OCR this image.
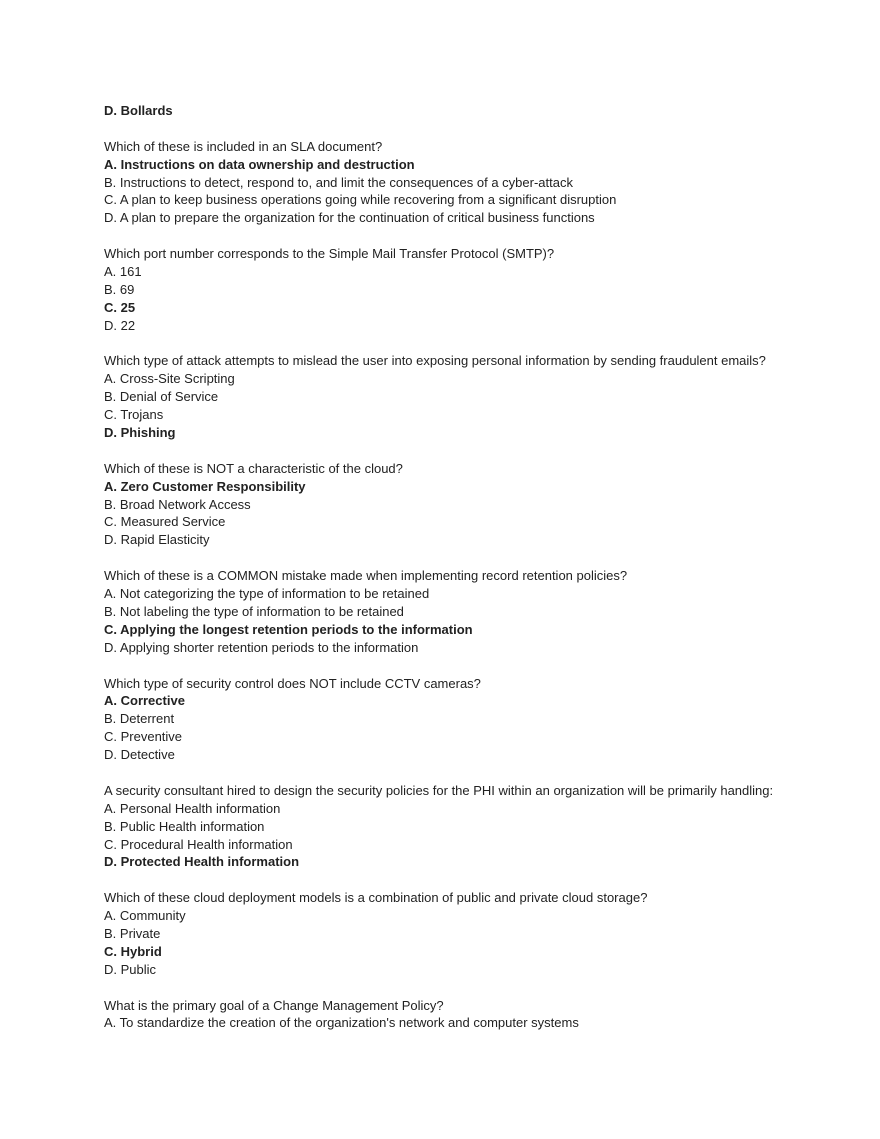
D. Bollards
Which of these is included in an SLA document?
A. Instructions on data ownership and destruction
B. Instructions to detect, respond to, and limit the consequences of a cyber-attack
C. A plan to keep business operations going while recovering from a significant disruption
D. A plan to prepare the organization for the continuation of critical business functions
Which port number corresponds to the Simple Mail Transfer Protocol (SMTP)?
A. 161
B. 69
C. 25
D. 22
Which type of attack attempts to mislead the user into exposing personal information by sending fraudulent emails?
A. Cross-Site Scripting
B. Denial of Service
C. Trojans
D. Phishing
Which of these is NOT a characteristic of the cloud?
A. Zero Customer Responsibility
B. Broad Network Access
C. Measured Service
D. Rapid Elasticity
Which of these is a COMMON mistake made when implementing record retention policies?
A. Not categorizing the type of information to be retained
B. Not labeling the type of information to be retained
C. Applying the longest retention periods to the information
D. Applying shorter retention periods to the information
Which type of security control does NOT include CCTV cameras?
A. Corrective
B. Deterrent
C. Preventive
D. Detective
A security consultant hired to design the security policies for the PHI within an organization will be primarily handling:
A. Personal Health information
B. Public Health information
C. Procedural Health information
D. Protected Health information
Which of these cloud deployment models is a combination of public and private cloud storage?
A. Community
B. Private
C. Hybrid
D. Public
What is the primary goal of a Change Management Policy?
A. To standardize the creation of the organization's network and computer systems
